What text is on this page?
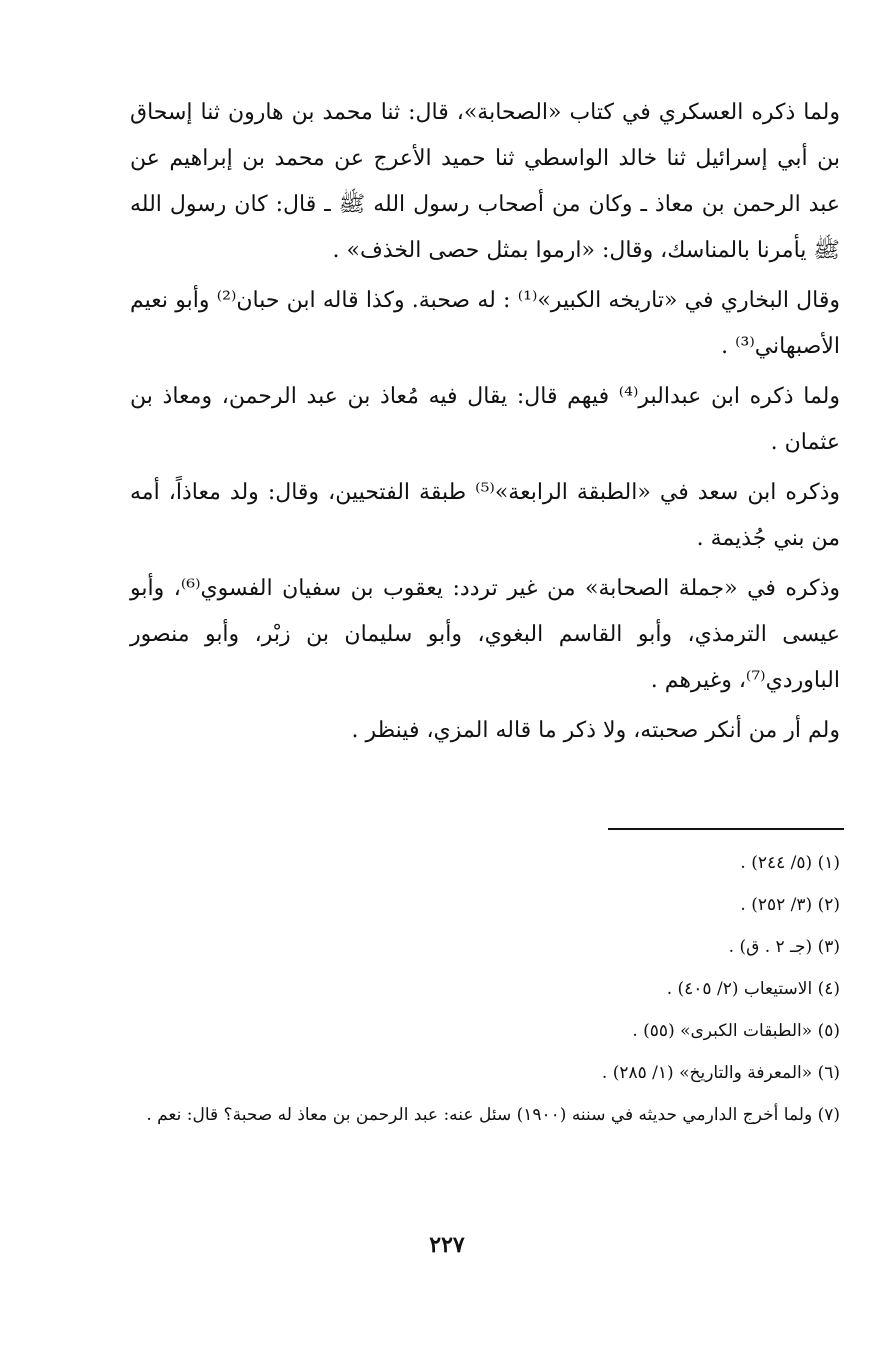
ولما ذكره العسكري في كتاب «الصحابة»، قال: ثنا محمد بن هارون ثنا إسحاق بن أبي إسرائيل ثنا خالد الواسطي ثنا حميد الأعرج عن محمد بن إبراهيم عن عبد الرحمن بن معاذ ـ وكان من أصحاب رسول الله ﷺ ـ قال: كان رسول الله ﷺ يأمرنا بالمناسك، وقال: «ارموا بمثل حصى الخذف» .

وقال البخاري في «تاريخه الكبير»⁽¹⁾ : له صحبة. وكذا قاله ابن حبان⁽²⁾ وأبو نعيم الأصبهاني⁽³⁾ .

ولما ذكره ابن عبدالبر⁽⁴⁾ فيهم قال: يقال فيه مُعاذ بن عبد الرحمن، ومعاذ بن عثمان .

وذكره ابن سعد في «الطبقة الرابعة»⁽⁵⁾ طبقة الفتحيين، وقال: ولد معاذاً، أمه من بني جُذيمة .

وذكره في «جملة الصحابة» من غير تردد: يعقوب بن سفيان الفسوي⁽⁶⁾، وأبو عيسى الترمذي، وأبو القاسم البغوي، وأبو سليمان بن زبْر، وأبو منصور الباوردي⁽⁷⁾، وغيرهم .

ولم أر من أنكر صحبته، ولا ذكر ما قاله المزي، فينظر .

(١) (٥/ ٢٤٤) .

(٢) (٣/ ٢٥٢) .

(٣) (جـ ٢ . ق) .

(٤) الاستيعاب (٢/ ٤٠٥) .

(٥) «الطبقات الكبرى» (٥٥) .

(٦) «المعرفة والتاريخ» (١/ ٢٨٥) .

(٧) ولما أخرج الدارمي حديثه في سننه (١٩٠٠) سئل عنه: عبد الرحمن بن معاذ له صحبة؟ قال: نعم .

٢٢٧
